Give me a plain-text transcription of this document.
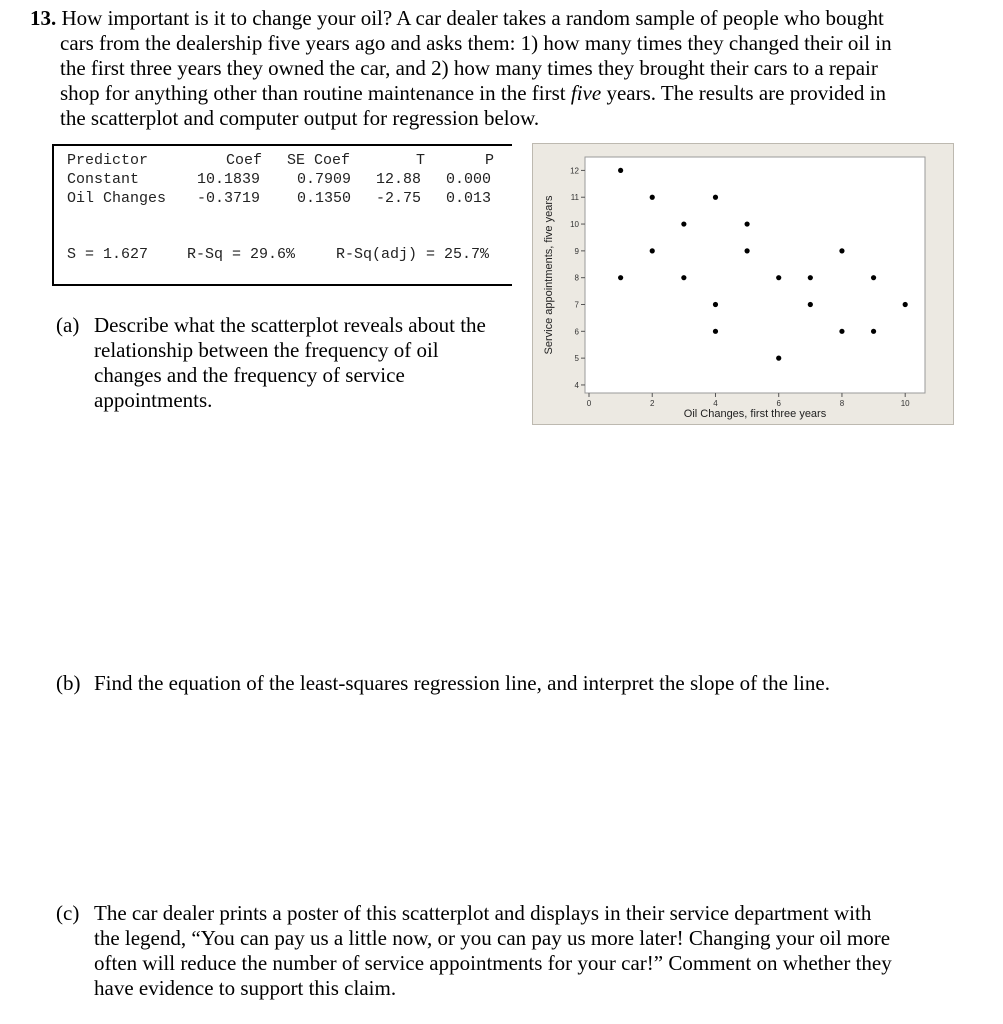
13. How important is it to change your oil? A car dealer takes a random sample of people who bought
cars from the dealership five years ago and asks them: 1) how many times they changed their oil in
the first three years they owned the car, and 2) how many times they brought their cars to a repair
shop for anything other than routine maintenance in the first five years. The results are provided in
the scatterplot and computer output for regression below.
Predictor	Coef SE Coef	T	P
Constant	10.1839 0.7909 12.88 0.000
Oil Changes -0.3719 0.1350 -2.75 0.013
S = 1.627	R-Sq = 29.6%	R-Sq(adj) = 25.7%
(a) Describe what the scatterplot reveals about the
relationship between the frequency of oil
changes and the frequency of service
appointments.
4
5
6
7
8
9
10
11
12
0	2	4	6	8	10
Oil Changes, first three years
Service appointments, five years
(b) Find the equation of the least-squares regression line, and interpret the slope of the line.
(c) The car dealer prints a poster of this scatterplot and displays in their service department with
the legend, “You can pay us a little now, or you can pay us more later! Changing your oil more
often will reduce the number of service appointments for your car!” Comment on whether they
have evidence to support this claim.
